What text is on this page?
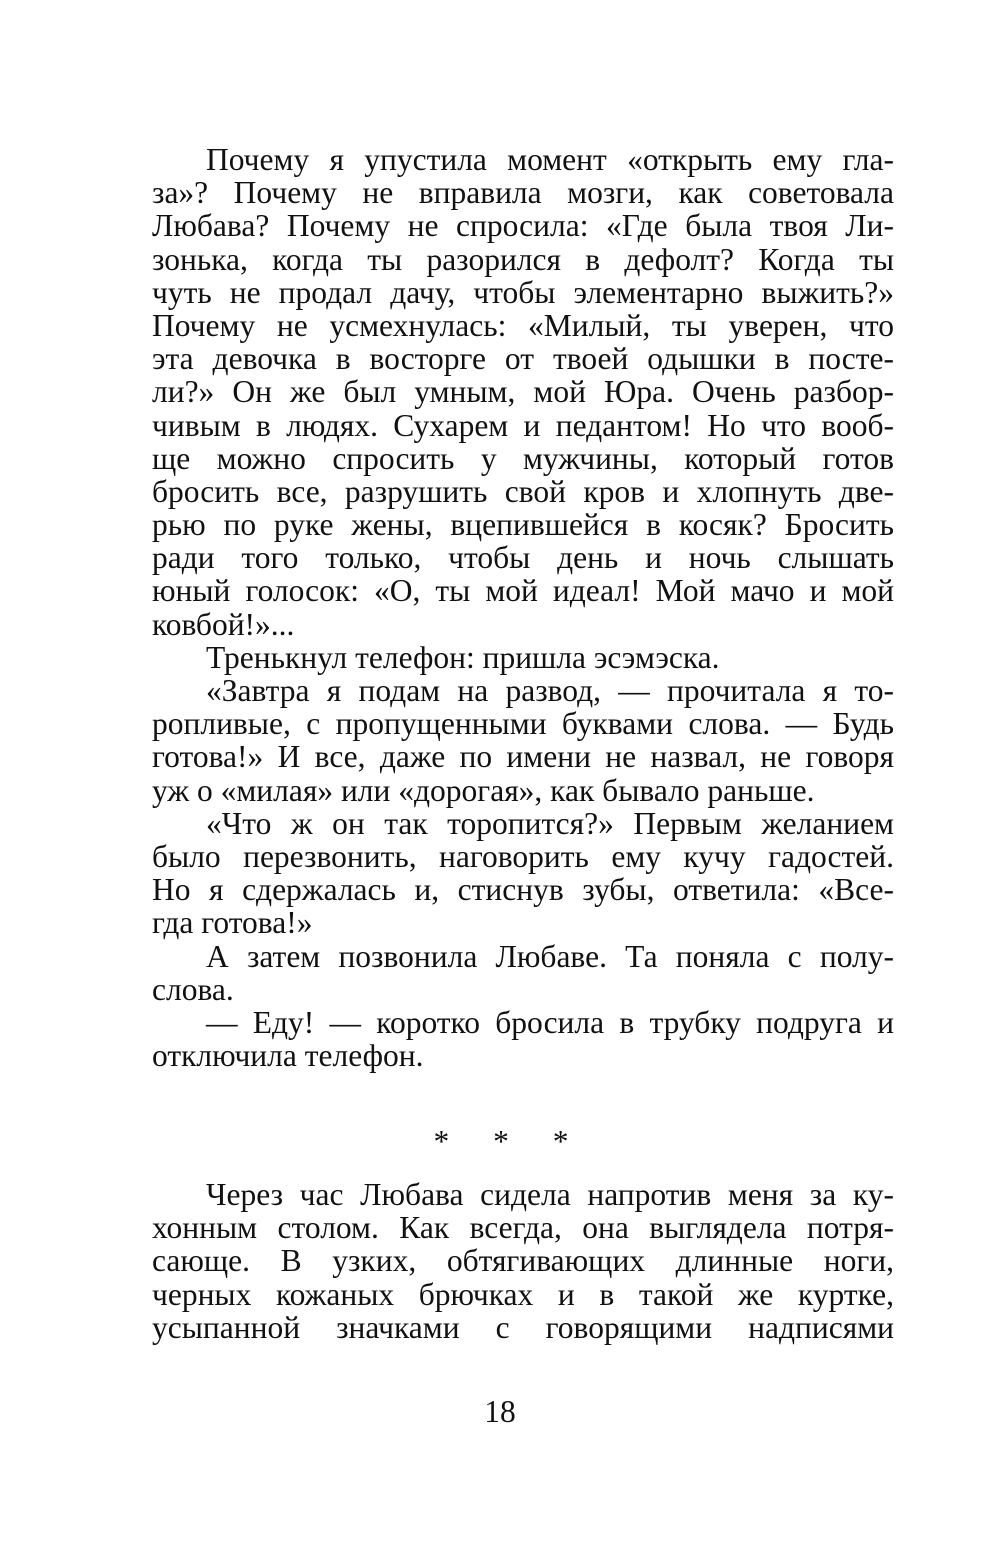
Почему я упустила момент «открыть ему гла-
за»? Почему не вправила мозги, как советовала
Любава? Почему не спросила: «Где была твоя Ли-
зонька, когда ты разорился в дефолт? Когда ты
чуть не продал дачу, чтобы элементарно выжить?»
Почему не усмехнулась: «Милый, ты уверен, что
эта девочка в восторге от твоей одышки в посте-
ли?» Он же был умным, мой Юра. Очень разбор-
чивым в людях. Сухарем и педантом! Но что вооб-
ще можно спросить у мужчины, который готов
бросить все, разрушить свой кров и хлопнуть две-
рью по руке жены, вцепившейся в косяк? Бросить
ради того только, чтобы день и ночь слышать
юный голосок: «О, ты мой идеал! Мой мачо и мой
ковбой!»...
Тренькнул телефон: пришла эсэмэска.
«Завтра я подам на развод, — прочитала я то-
ропливые, с пропущенными буквами слова. — Будь
готова!» И все, даже по имени не назвал, не говоря
уж о «милая» или «дорогая», как бывало раньше.
«Что ж он так торопится?» Первым желанием
было перезвонить, наговорить ему кучу гадостей.
Но я сдержалась и, стиснув зубы, ответила: «Все-
гда готова!»
А затем позвонила Любаве. Та поняла с полу-
слова.
— Еду! — коротко бросила в трубку подруга и
отключила телефон.
* * *
Через час Любава сидела напротив меня за ку-
хонным столом. Как всегда, она выглядела потря-
сающе. В узких, обтягивающих длинные ноги,
черных кожаных брючках и в такой же куртке,
усыпанной значками с говорящими надписями
18
